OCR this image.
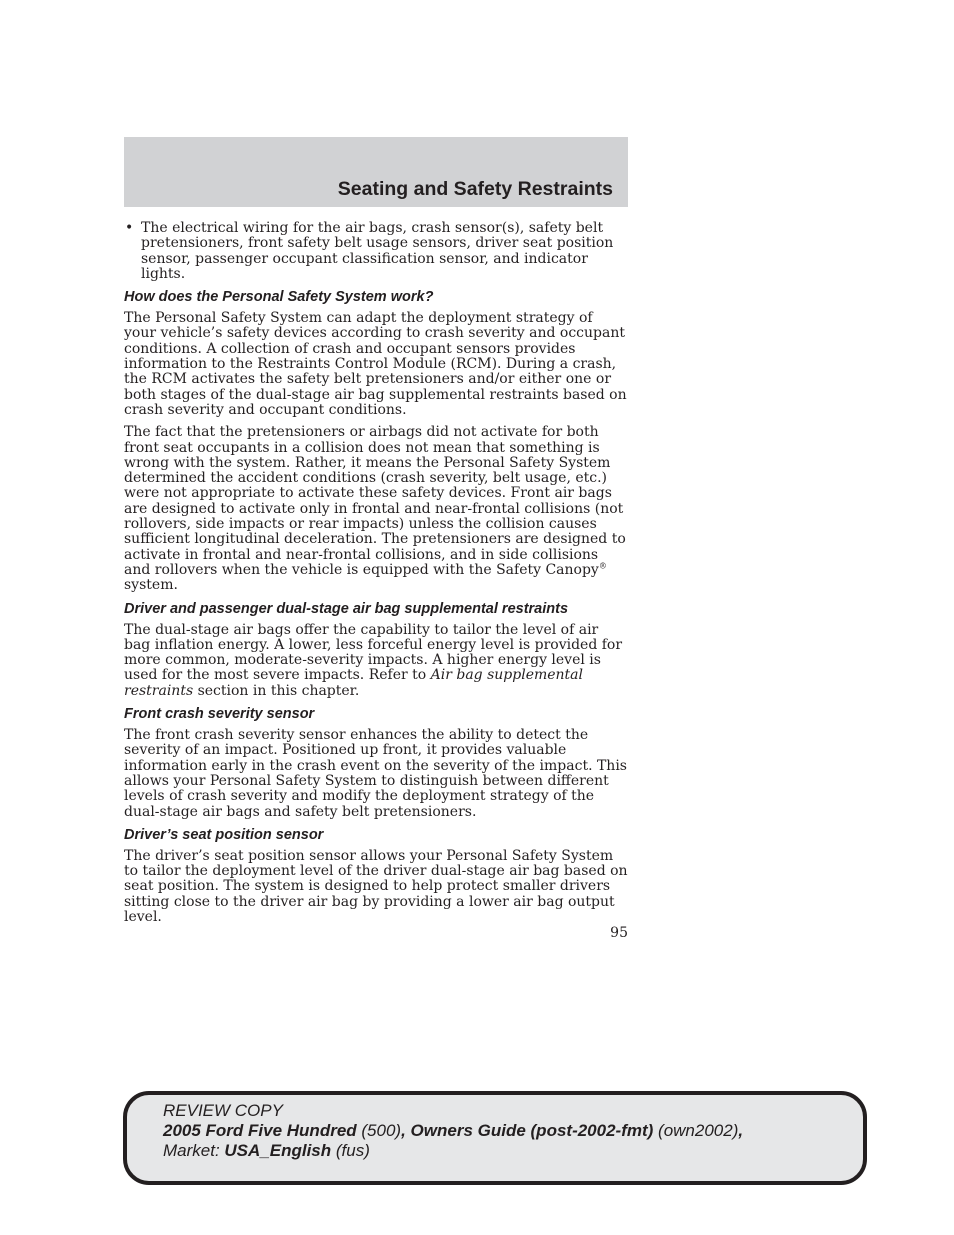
Seating and Safety Restraints
• The electrical wiring for the air bags, crash sensor(s), safety belt pretensioners, front safety belt usage sensors, driver seat position sensor, passenger occupant classification sensor, and indicator lights.
How does the Personal Safety System work?

The Personal Safety System can adapt the deployment strategy of your vehicle’s safety devices according to crash severity and occupant conditions. A collection of crash and occupant sensors provides information to the Restraints Control Module (RCM). During a crash, the RCM activates the safety belt pretensioners and/or either one or both stages of the dual-stage air bag supplemental restraints based on crash severity and occupant conditions.

The fact that the pretensioners or airbags did not activate for both front seat occupants in a collision does not mean that something is wrong with the system. Rather, it means the Personal Safety System determined the accident conditions (crash severity, belt usage, etc.) were not appropriate to activate these safety devices. Front air bags are designed to activate only in frontal and near-frontal collisions (not rollovers, side impacts or rear impacts) unless the collision causes sufficient longitudinal deceleration. The pretensioners are designed to activate in frontal and near-frontal collisions, and in side collisions and rollovers when the vehicle is equipped with the Safety Canopy® system.

Driver and passenger dual-stage air bag supplemental restraints

The dual-stage air bags offer the capability to tailor the level of air bag inflation energy. A lower, less forceful energy level is provided for more common, moderate-severity impacts. A higher energy level is used for the most severe impacts. Refer to Air bag supplemental restraints section in this chapter.

Front crash severity sensor

The front crash severity sensor enhances the ability to detect the severity of an impact. Positioned up front, it provides valuable information early in the crash event on the severity of the impact. This allows your Personal Safety System to distinguish between different levels of crash severity and modify the deployment strategy of the dual-stage air bags and safety belt pretensioners.

Driver’s seat position sensor

The driver’s seat position sensor allows your Personal Safety System to tailor the deployment level of the driver dual-stage air bag based on seat position. The system is designed to help protect smaller drivers sitting close to the driver air bag by providing a lower air bag output level.

95
REVIEW COPY
2005 Ford Five Hundred (500), Owners Guide (post-2002-fmt) (own2002),
Market: USA_English (fus)
